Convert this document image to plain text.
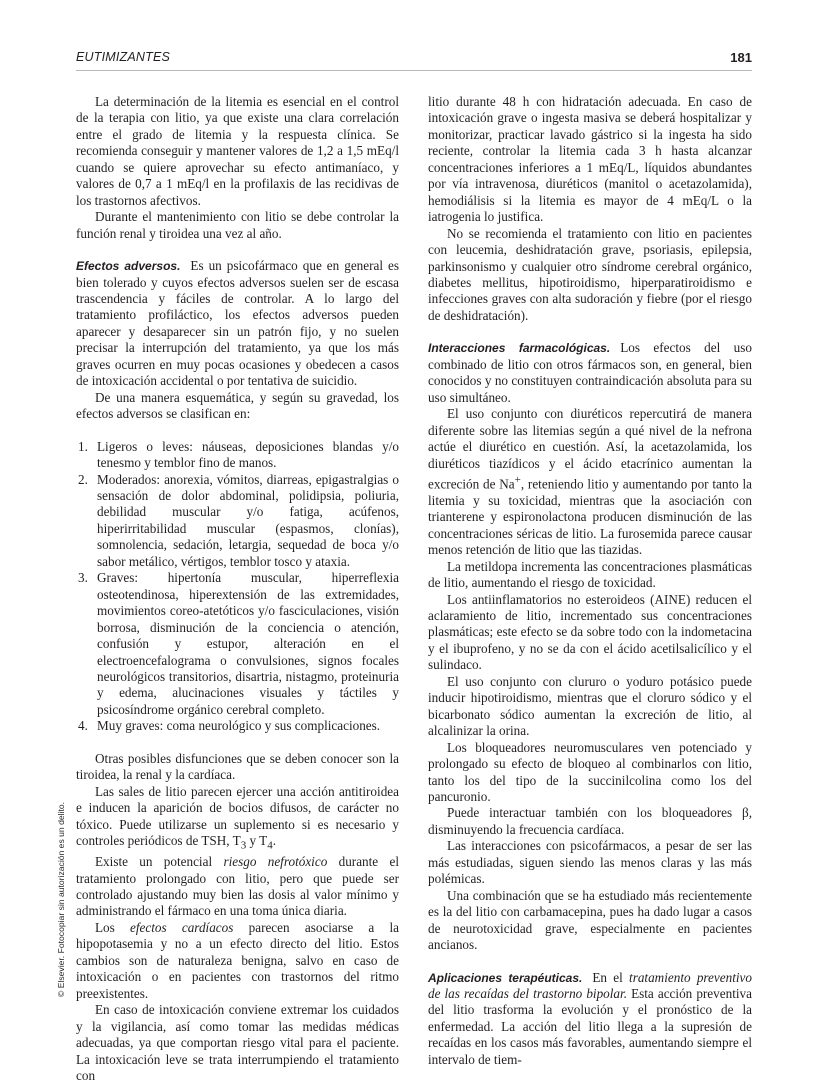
EUTIMIZANTES	181

La determinación de la litemia es esencial en el control de la terapia con litio, ya que existe una clara correlación entre el grado de litemia y la respuesta clínica. Se recomienda conseguir y mantener valores de 1,2 a 1,5 mEq/l cuando se quiere aprovechar su efecto antimaníaco, y valores de 0,7 a 1 mEq/l en la profilaxis de las recidivas de los trastornos afectivos.

Durante el mantenimiento con litio se debe controlar la función renal y tiroidea una vez al año.

Efectos adversos. Es un psicofármaco que en general es bien tolerado y cuyos efectos adversos suelen ser de escasa trascendencia y fáciles de controlar. A lo largo del tratamiento profiláctico, los efectos adversos pueden aparecer y desaparecer sin un patrón fijo, y no suelen precisar la interrupción del tratamiento, ya que los más graves ocurren en muy pocas ocasiones y obedecen a casos de intoxicación accidental o por tentativa de suicidio.

De una manera esquemática, y según su gravedad, los efectos adversos se clasifican en:

1. Ligeros o leves: náuseas, deposiciones blandas y/o tenesmo y temblor fino de manos.

2. Moderados: anorexia, vómitos, diarreas, epigastralgias o sensación de dolor abdominal, polidipsia, poliuria, debilidad muscular y/o fatiga, acúfenos, hiperirritabilidad muscular (espasmos, clonías), somnolencia, sedación, letargia, sequedad de boca y/o sabor metálico, vértigos, temblor tosco y ataxia.

3. Graves: hipertonía muscular, hiperreflexia osteotendinosa, hiperextensión de las extremidades, movimientos coreo-atetóticos y/o fasciculaciones, visión borrosa, disminución de la conciencia o atención, confusión y estupor, alteración en el electroencefalograma o convulsiones, signos focales neurológicos transitorios, disartria, nistagmo, proteinuria y edema, alucinaciones visuales y táctiles y psicosíndrome orgánico cerebral completo.

4. Muy graves: coma neurológico y sus complicaciones.

Otras posibles disfunciones que se deben conocer son la tiroidea, la renal y la cardíaca.

Las sales de litio parecen ejercer una acción antitiroidea e inducen la aparición de bocios difusos, de carácter no tóxico. Puede utilizarse un suplemento si es necesario y controles periódicos de TSH, $T_3$ y $T_4$.

Existe un potencial riesgo nefrotóxico durante el tratamiento prolongado con litio, pero que puede ser controlado ajustando muy bien las dosis al valor mínimo y administrando el fármaco en una toma única diaria.

Los efectos cardíacos parecen asociarse a la hipopotasemia y no a un efecto directo del litio. Estos cambios son de naturaleza benigna, salvo en caso de intoxicación o en pacientes con trastornos del ritmo preexistentes.

En caso de intoxicación conviene extremar los cuidados y la vigilancia, así como tomar las medidas médicas adecuadas, ya que comportan riesgo vital para el paciente. La intoxicación leve se trata interrumpiendo el tratamiento con

litio durante 48 h con hidratación adecuada. En caso de intoxicación grave o ingesta masiva se deberá hospitalizar y monitorizar, practicar lavado gástrico si la ingesta ha sido reciente, controlar la litemia cada 3 h hasta alcanzar concentraciones inferiores a 1 mEq/L, líquidos abundantes por vía intravenosa, diuréticos (manitol o acetazolamida), hemodiálisis si la litemia es mayor de 4 mEq/L o la iatrogenia lo justifica.

No se recomienda el tratamiento con litio en pacientes con leucemia, deshidratación grave, psoriasis, epilepsia, parkinsonismo y cualquier otro síndrome cerebral orgánico, diabetes mellitus, hipotiroidismo, hiperparatiroidismo e infecciones graves con alta sudoración y fiebre (por el riesgo de deshidratación).

Interacciones farmacológicas. Los efectos del uso combinado de litio con otros fármacos son, en general, bien conocidos y no constituyen contraindicación absoluta para su uso simultáneo.

El uso conjunto con diuréticos repercutirá de manera diferente sobre las litemias según a qué nivel de la nefrona actúe el diurético en cuestión. Así, la acetazolamida, los diuréticos tiazídicos y el ácido etacrínico aumentan la excreción de Na+, reteniendo litio y aumentando por tanto la litemia y su toxicidad, mientras que la asociación con trianterene y espironolactona producen disminución de las concentraciones séricas de litio. La furosemida parece causar menos retención de litio que las tiazidas.

La metildopa incrementa las concentraciones plasmáticas de litio, aumentando el riesgo de toxicidad.

Los antiinflamatorios no esteroideos (AINE) reducen el aclaramiento de litio, incrementado sus concentraciones plasmáticas; este efecto se da sobre todo con la indometacina y el ibuprofeno, y no se da con el ácido acetilsalicílico y el sulindaco.

El uso conjunto con clururo o yoduro potásico puede inducir hipotiroidismo, mientras que el cloruro sódico y el bicarbonato sódico aumentan la excreción de litio, al alcalinizar la orina.

Los bloqueadores neuromusculares ven potenciado y prolongado su efecto de bloqueo al combinarlos con litio, tanto los del tipo de la succinilcolina como los del pancuronio.

Puede interactuar también con los bloqueadores β, disminuyendo la frecuencia cardíaca.

Las interacciones con psicofármacos, a pesar de ser las más estudiadas, siguen siendo las menos claras y las más polémicas.

Una combinación que se ha estudiado más recientemente es la del litio con carbamacepina, pues ha dado lugar a casos de neurotoxicidad grave, especialmente en pacientes ancianos.

Aplicaciones terapéuticas. En el tratamiento preventivo de las recaídas del trastorno bipolar. Esta acción preventiva del litio trasforma la evolución y el pronóstico de la enfermedad. La acción del litio llega a la supresión de recaídas en los casos más favorables, aumentando siempre el intervalo de tiem-

© Elsevier. Fotocopiar sin autorización es un delito.
